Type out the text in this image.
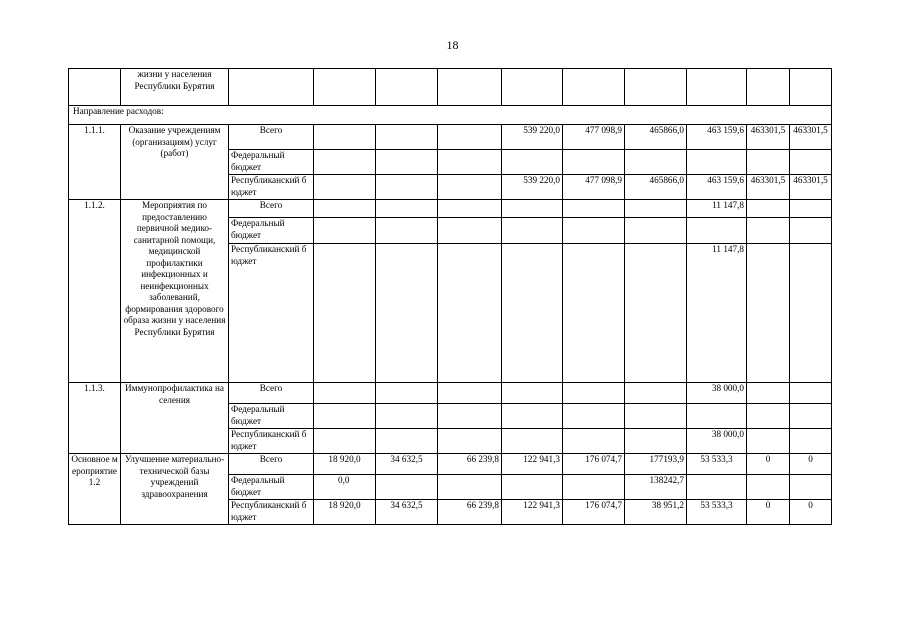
18
	жизни у населения Республики Бурятия										
Направление расходов:											
1.1.1.	Оказание учреждениям (организациям) услуг (работ)	Всего				539 220,0	477 098,9	465866,0	463 159,6	463301,5	463301,5
		Федеральный бюджет									
		Республиканский бюджет				539 220,0	477 098,9	465866,0	463 159,6	463301,5	463301,5
1.1.2.	Мероприятия по предоставлению первичной медико-санитарной помощи, медицинской профилактики инфекционных и неинфекционных заболеваний, формирования здорового образа жизни у населения Республики Бурятия	Всего							11 147,8		
		Федеральный бюджет									
		Республиканский бюджет							11 147,8		
1.1.3.	Иммунопрофилактика населения	Всего							38 000,0		
		Федеральный бюджет									
		Республиканский бюджет							38 000,0		
Основное мероприятие 1.2	Улучшение материально-технической базы учреждений здравоохранения	Всего	18 920,0	34 632,5	66 239,8	122 941,3	176 074,7	177193,9	53 533,3	0	0
		Федеральный бюджет	0,0					138242,7			
		Республиканский бюджет	18 920,0	34 632,5	66 239,8	122 941,3	176 074,7	38 951,2	53 533,3	0	0
